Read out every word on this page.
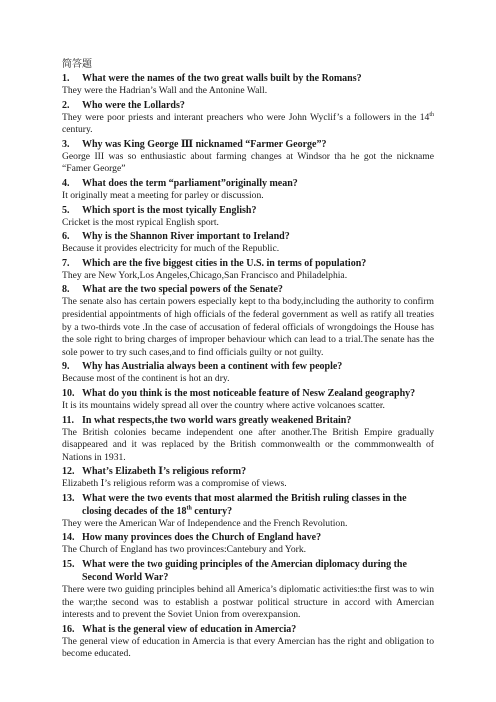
简答题
1.	What were the names of the two great walls built by the Romans?
They were the Hadrian’s Wall and the Antonine Wall.
2.	Who were the Lollards?
They were poor priests and interant preachers who were John Wyclif’s a followers in the 14th century.
3.	Why was King George Ⅲ nicknamed “Farmer George”?
George III was so enthusiastic about farming changes at Windsor tha he got the nickname “Famer George”
4.	What does the term “parliament”originally mean?
It originally meat a meeting for parley or discussion.
5.	Which sport is the most tyically English?
Cricket is the most rypical English sport.
6.	Why is the Shannon River important to Ireland?
Because it provides electricity for much of the Republic.
7.	Which are the five biggest cities in the U.S. in terms of population?
They are New York,Los Angeles,Chicago,San Francisco and Philadelphia.
8.	What are the two special powers of the Senate?
The senate also has certain powers especially kept to tha body,including the authority to confirm presidential appointments of high officials of the federal government as well as ratify all treaties by a two-thirds vote .In the case of accusation of federal officials of wrongdoings the House has the sole right to bring charges of improper behaviour which can lead to a trial.The senate has the sole power to try such cases,and to find officials guilty or not guilty.
9.	Why has Austrialia always been a continent with few people?
Because most of the continent is hot an dry.
10. What do you think is the most noticeable feature of Nesw Zealand geography?
It is its mountains widely spread all over the country where active volcanoes scatter.
11. In what respects,the two world wars greatly weakened Britain?
The British colonies became independent one after another.The British Empire gradually disappeared and it was replaced by the British commonwealth or the commmonwealth of Nations in 1931.
12. What’s Elizabeth Ⅰ’s religious reform?
Elizabeth Ⅰ’s religious reform was a compromise of views.
13. What were the two events that most alarmed the British ruling classes in the closing decades of the 18th century?
They were the American War of Independence and the French Revolution.
14. How many provinces does the Church of England have?
The Church of England has two provinces:Cantebury and York.
15. What were the two guiding principles of the Amercian diplomacy during the Second World War?
There were two guiding principles behind all America’s diplomatic activities:the first was to win the war;the second was to establish a postwar political structure in accord with Amercian interests and to prevent the Soviet Union from overexpansion.
16. What is the general view of education in Amercia?
The general view of education in Amercia is that every Amercian has the right and obligation to become educated.
